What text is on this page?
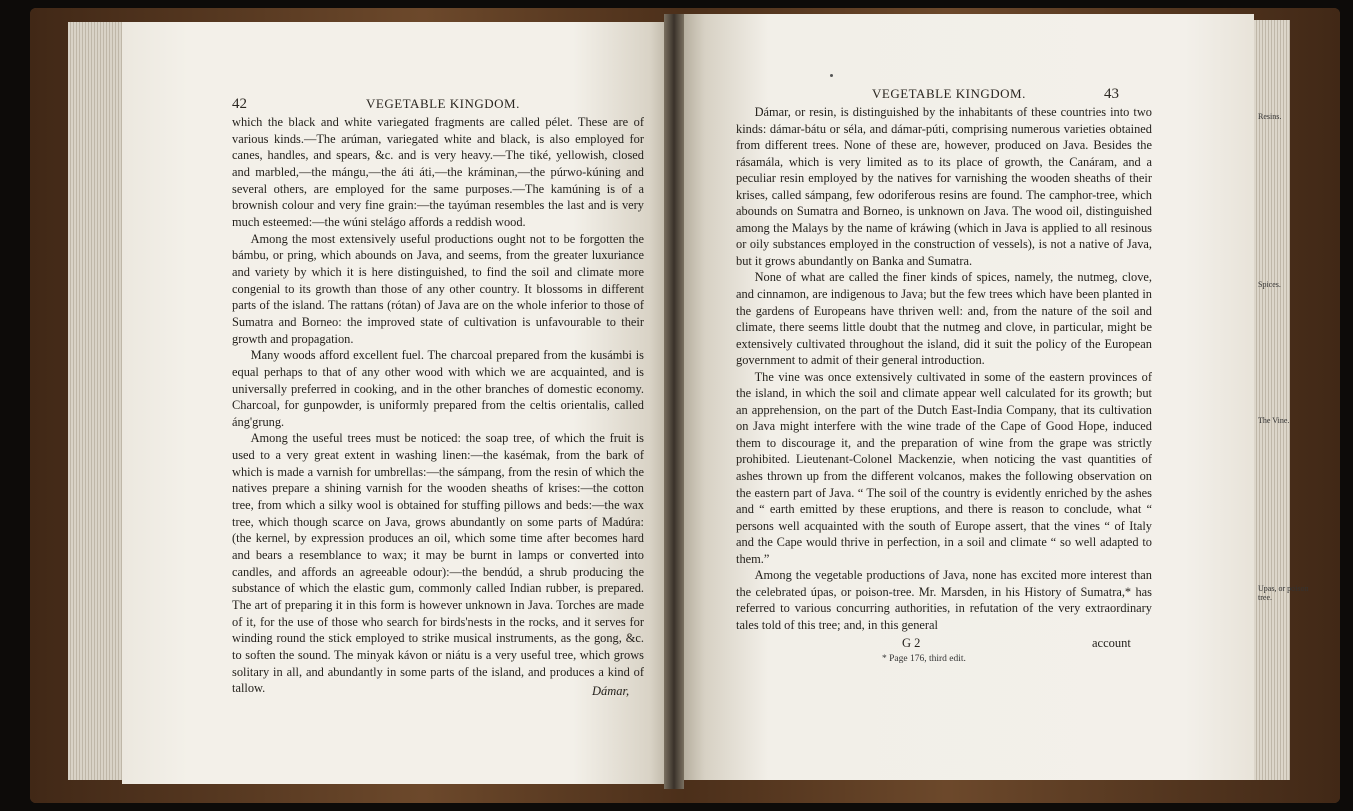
42	VEGETABLE KINGDOM.

which the black and white variegated fragments are called pélet. These are of various kinds.—The arúman, variegated white and black, is also employed for canes, handles, and spears, &c. and is very heavy.—The tiké, yellowish, closed and marbled,—the mángu,—the áti áti,—the kráminan,—the púrwo-kúning and several others, are employed for the same purposes.—The kamúning is of a brownish colour and very fine grain:—the tayúman resembles the last and is very much esteemed:—the wúni stelágo affords a reddish wood.

Among the most extensively useful productions ought not to be forgotten the bámbu, or pring, which abounds on Java, and seems, from the greater luxuriance and variety by which it is here distinguished, to find the soil and climate more congenial to its growth than those of any other country. It blossoms in different parts of the island. The rattans (rótan) of Java are on the whole inferior to those of Sumatra and Borneo: the improved state of cultivation is unfavourable to their growth and propagation.

Many woods afford excellent fuel. The charcoal prepared from the kusámbi is equal perhaps to that of any other wood with which we are acquainted, and is universally preferred in cooking, and in the other branches of domestic economy. Charcoal, for gunpowder, is uniformly prepared from the celtis orientalis, called áng'grung.

Among the useful trees must be noticed: the soap tree, of which the fruit is used to a very great extent in washing linen:—the kasémak, from the bark of which is made a varnish for umbrellas:—the sámpang, from the resin of which the natives prepare a shining varnish for the wooden sheaths of krises:—the cotton tree, from which a silky wool is obtained for stuffing pillows and beds:—the wax tree, which though scarce on Java, grows abundantly on some parts of Madúra: (the kernel, by expression produces an oil, which some time after becomes hard and bears a resemblance to wax; it may be burnt in lamps or converted into candles, and affords an agreeable odour):—the bendúd, a shrub producing the substance of which the elastic gum, commonly called Indian rubber, is prepared. The art of preparing it in this form is however unknown in Java. Torches are made of it, for the use of those who search for birds'nests in the rocks, and it serves for winding round the stick employed to strike musical instruments, as the gong, &c. to soften the sound. The minyak kávon or niátu is a very useful tree, which grows solitary in all, and abundantly in some parts of the island, and produces a kind of tallow.	Dámar,
VEGETABLE KINGDOM.	43

Dámar, or resin, is distinguished by the inhabitants of these countries into two kinds: dámar-bátu or séla, and dámar-púti, comprising numerous varieties obtained from different trees. None of these are, however, produced on Java. Besides the rásamála, which is very limited as to its place of growth, the Canáram, and a peculiar resin employed by the natives for varnishing the wooden sheaths of their krises, called sámpang, few odoriferous resins are found. The camphor-tree, which abounds on Sumatra and Borneo, is unknown on Java. The wood oil, distinguished among the Malays by the name of kráwing (which in Java is applied to all resinous or oily substances employed in the construction of vessels), is not a native of Java, but it grows abundantly on Banka and Sumatra.

None of what are called the finer kinds of spices, namely, the nutmeg, clove, and cinnamon, are indigenous to Java; but the few trees which have been planted in the gardens of Europeans have thriven well: and, from the nature of the soil and climate, there seems little doubt that the nutmeg and clove, in particular, might be extensively cultivated throughout the island, did it suit the policy of the European government to admit of their general introduction.

The vine was once extensively cultivated in some of the eastern provinces of the island, in which the soil and climate appear well calculated for its growth; but an apprehension, on the part of the Dutch East-India Company, that its cultivation on Java might interfere with the wine trade of the Cape of Good Hope, induced them to discourage it, and the preparation of wine from the grape was strictly prohibited. Lieutenant-Colonel Mackenzie, when noticing the vast quantities of ashes thrown up from the different volcanos, makes the following observation on the eastern part of Java. “ The soil of the country is evidently enriched by the ashes and “ earth emitted by these eruptions, and there is reason to conclude, what “ persons well acquainted with the south of Europe assert, that the vines “ of Italy and the Cape would thrive in perfection, in a soil and climate “ so well adapted to them.”

Among the vegetable productions of Java, none has excited more interest than the celebrated úpas, or poison-tree. Mr. Marsden, in his History of Sumatra,* has referred to various concurring authorities, in refutation of the very extraordinary tales told of this tree; and, in this general

G 2	account
* Page 176, third edit.
Resins.
Spices.
The Vine.
Upas, or poison tree.
